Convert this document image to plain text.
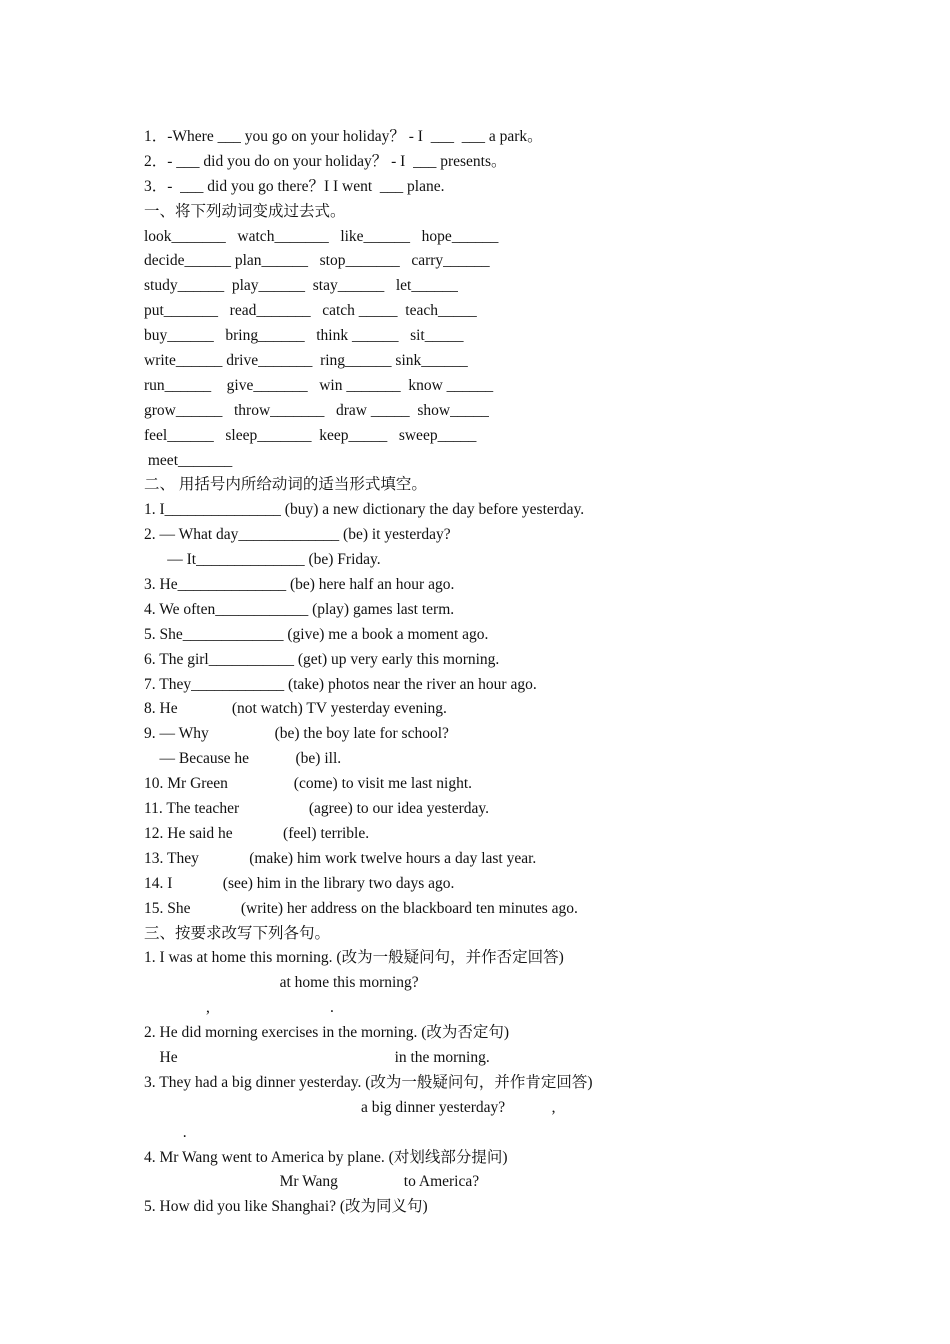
1．-Where ___ you go on your holiday？ - I  ___  ___ a park。
2．- ___ did you do on your holiday？ - I  ___ presents。
3．-  ___ did you go there？I I went  ___ plane.
一、将下列动词变成过去式。
look_______   watch_______   like______   hope______
decide______ plan______   stop_______   carry______
study______  play______  stay______   let______
put_______   read_______   catch _____  teach_____
buy______   bring______   think ______   sit_____
write______ drive_______  ring______ sink______
run______    give_______   win _______  know ______
grow______   throw_______   draw _____  show_____
feel______   sleep_______  keep_____   sweep_____
meet_______
二、 用括号内所给动词的适当形式填空。
1. I_______________ (buy) a new dictionary the day before yesterday.
2. — What day_____________ (be) it yesterday?
— It______________ (be) Friday.
3. He______________ (be) here half an hour ago.
4. We often____________ (play) games last term.
5. She_____________ (give) me a book a moment ago.
6. The girl___________ (get) up very early this morning.
7. They____________ (take) photos near the river an hour ago.
8. He              (not watch) TV yesterday evening.
9. — Why                 (be) the boy late for school?
— Because he            (be) ill.
10. Mr Green                 (come) to visit me last night.
11. The teacher                  (agree) to our idea yesterday.
12. He said he             (feel) terrible.
13. They             (make) him work twelve hours a day last year.
14. I             (see) him in the library two days ago.
15. She             (write) her address on the blackboard ten minutes ago.
三、按要求改写下列各句。
1. I was at home this morning. (改为一般疑问句，并作否定回答)
at home this morning?
,                               .
2. He did morning exercises in the morning. (改为否定句)
He                                                        in the morning.
3. They had a big dinner yesterday. (改为一般疑问句，并作肯定回答)
a big dinner yesterday?            ,
.
4. Mr Wang went to America by plane. (对划线部分提问)
Mr Wang                 to America?
5. How did you like Shanghai? (改为同义句)
